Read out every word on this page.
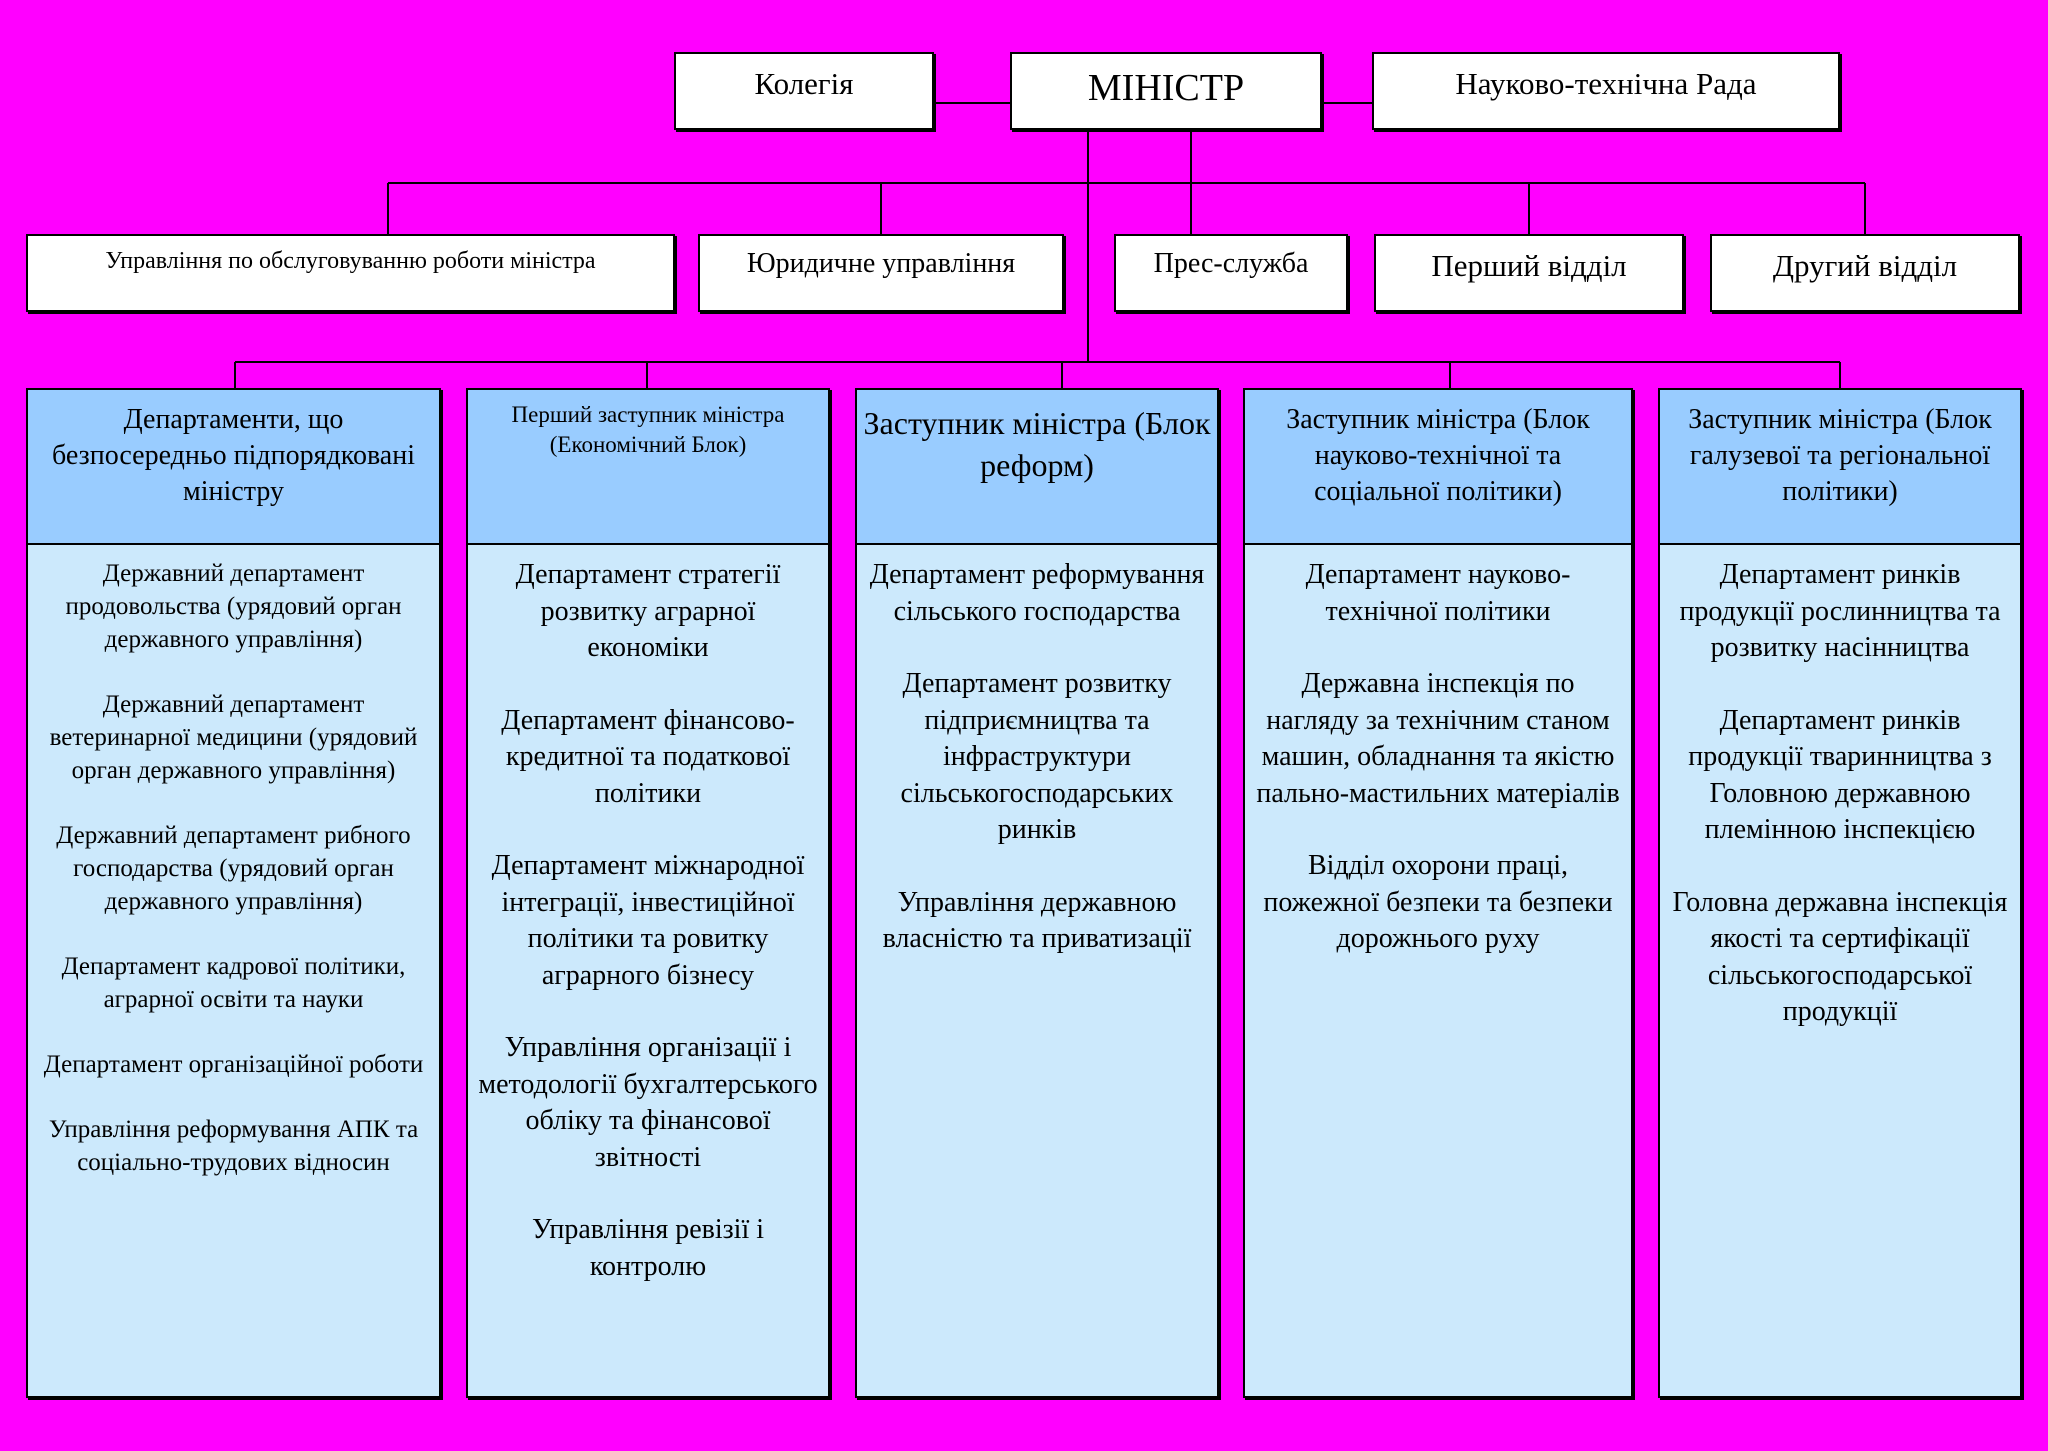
Колегія	МІНІСТР	Науково-технічна Рада
Управління по обслуговуванню роботи міністра	Юридичне управління	Прес-служба	Перший відділ	Другий відділ
Департаменти, що безпосередньо підпорядковані міністру
Державний департамент продовольства (урядовий орган державного управління)
Державний департамент ветеринарної медицини (урядовий орган державного управління)
Державний департамент рибного господарства (урядовий орган державного управління)
Департамент кадрової політики, аграрної освіти та науки
Департамент організаційної роботи
Управління реформування АПК та соціально-трудових відносин
Перший заступник міністра (Економічний Блок)
Департамент стратегії розвитку аграрної економіки
Департамент фінансово-кредитної та податкової політики
Департамент міжнародної інтеграції, інвестиційної політики та ровитку аграрного бізнесу
Управління організації і методології бухгалтерського обліку та фінансової звітності
Управління ревізії і контролю
Заступник міністра (Блок реформ)
Департамент реформування сільського господарства
Департамент розвитку підприємництва та інфраструктури сільськогосподарських ринків
Управління державною власністю та приватизації
Заступник міністра (Блок науково-технічної та соціальної політики)
Департамент науково-технічної політики
Державна інспекція по нагляду за технічним станом машин, обладнання та якістю пально-мастильних матеріалів
Відділ охорони праці, пожежної безпеки та безпеки дорожнього руху
Заступник міністра (Блок галузевої та регіональної політики)
Департамент ринків продукції рослинництва та розвитку насінництва
Департамент ринків продукції тваринництва з Головною державною племінною інспекцією
Головна державна інспекція якості та сертифікації сільськогосподарської продукції
